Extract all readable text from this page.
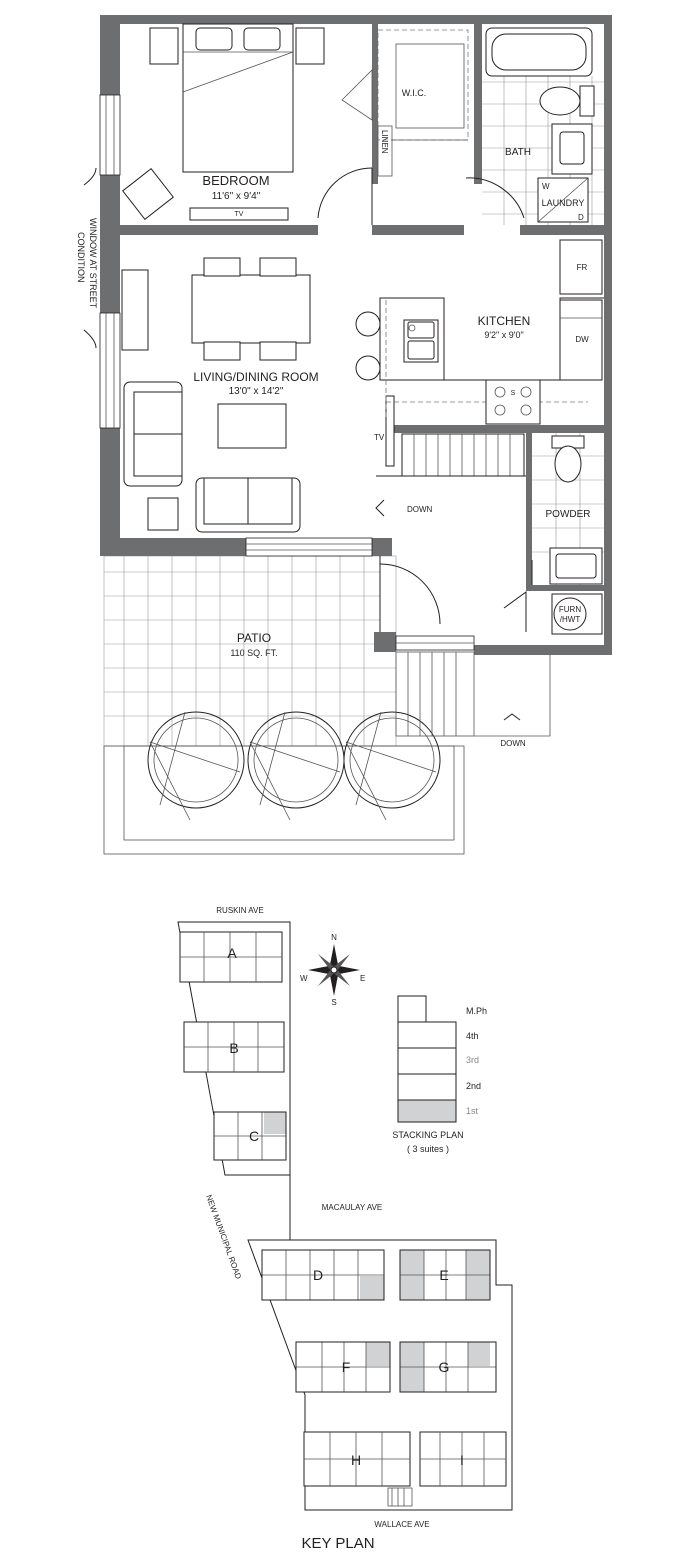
WINDOW AT STREET
CONDITION
BEDROOM
11'6" x 9'4"
TV
W.I.C.
LINEN	BATH
LAUNDRY
W
D
LIVING/DINING ROOM
13'0" x 14'2"
TV
KITCHEN
9'2" x 9'0"
FR
DW
S
DOWN	POWDER
FURN
/HWT
DOWN
PATIO
110 SQ. FT.
A
B
C
D	E
F	G
H	I
RUSKIN AVE
MACAULAY AVE
NEW MUNICIPAL ROAD
WALLACE AVE
KEY PLAN
N
S
E
W
M.Ph
4th
3rd
2nd
1st
STACKING PLAN
( 3 suites )
